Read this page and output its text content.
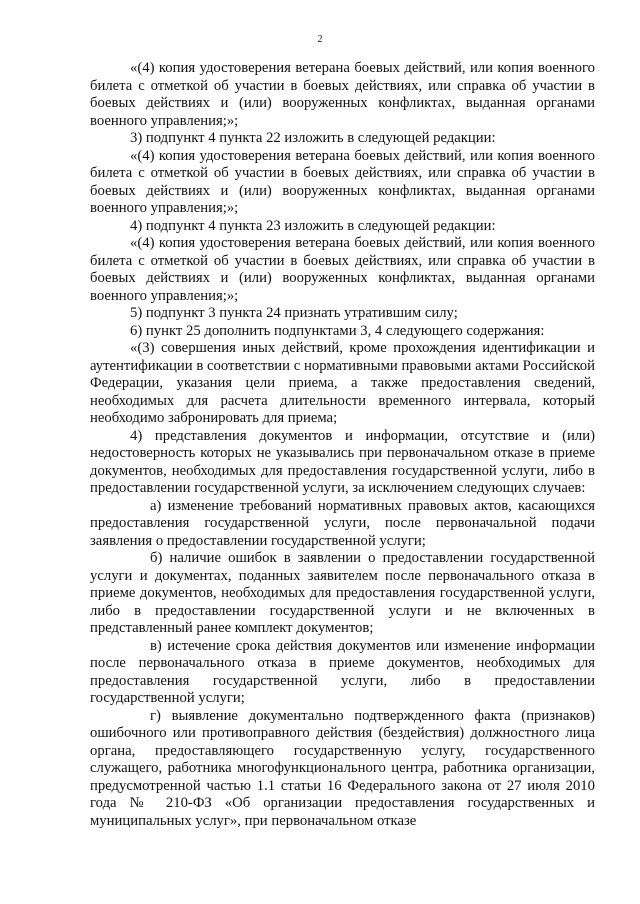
2

«(4) копия удостоверения ветерана боевых действий, или копия военного билета с отметкой об участии в боевых действиях, или справка об участии в боевых действиях и (или) вооруженных конфликтах, выданная органами военного управления;»;

3) подпункт 4 пункта 22 изложить в следующей редакции:

«(4) копия удостоверения ветерана боевых действий, или копия военного билета с отметкой об участии в боевых действиях, или справка об участии в боевых действиях и (или) вооруженных конфликтах, выданная органами военного управления;»;

4) подпункт 4 пункта 23 изложить в следующей редакции:

«(4) копия удостоверения ветерана боевых действий, или копия военного билета с отметкой об участии в боевых действиях, или справка об участии в боевых действиях и (или) вооруженных конфликтах, выданная органами военного управления;»;

5) подпункт 3 пункта 24 признать утратившим силу;

6) пункт 25 дополнить подпунктами 3, 4 следующего содержания:

«(3) совершения иных действий, кроме прохождения идентификации и аутентификации в соответствии с нормативными правовыми актами Российской Федерации, указания цели приема, а также предоставления сведений, необходимых для расчета длительности временного интервала, который необходимо забронировать для приема;

4) представления документов и информации, отсутствие и (или) недостоверность которых не указывались при первоначальном отказе в приеме документов, необходимых для предоставления государственной услуги, либо в предоставлении государственной услуги, за исключением следующих случаев:

а) изменение требований нормативных правовых актов, касающихся предоставления государственной услуги, после первоначальной подачи заявления о предоставлении государственной услуги;

б) наличие ошибок в заявлении о предоставлении государственной услуги и документах, поданных заявителем после первоначального отказа в приеме документов, необходимых для предоставления государственной услуги, либо в предоставлении государственной услуги и не включенных в представленный ранее комплект документов;

в) истечение срока действия документов или изменение информации после первоначального отказа в приеме документов, необходимых для предоставления государственной услуги, либо в предоставлении государственной услуги;

г) выявление документально подтвержденного факта (признаков) ошибочного или противоправного действия (бездействия) должностного лица органа, предоставляющего государственную услугу, государственного служащего, работника многофункционального центра, работника организации, предусмотренной частью 1.1 статьи 16 Федерального закона от 27 июля 2010 года № 210-ФЗ «Об организации предоставления государственных и муниципальных услуг», при первоначальном отказе
